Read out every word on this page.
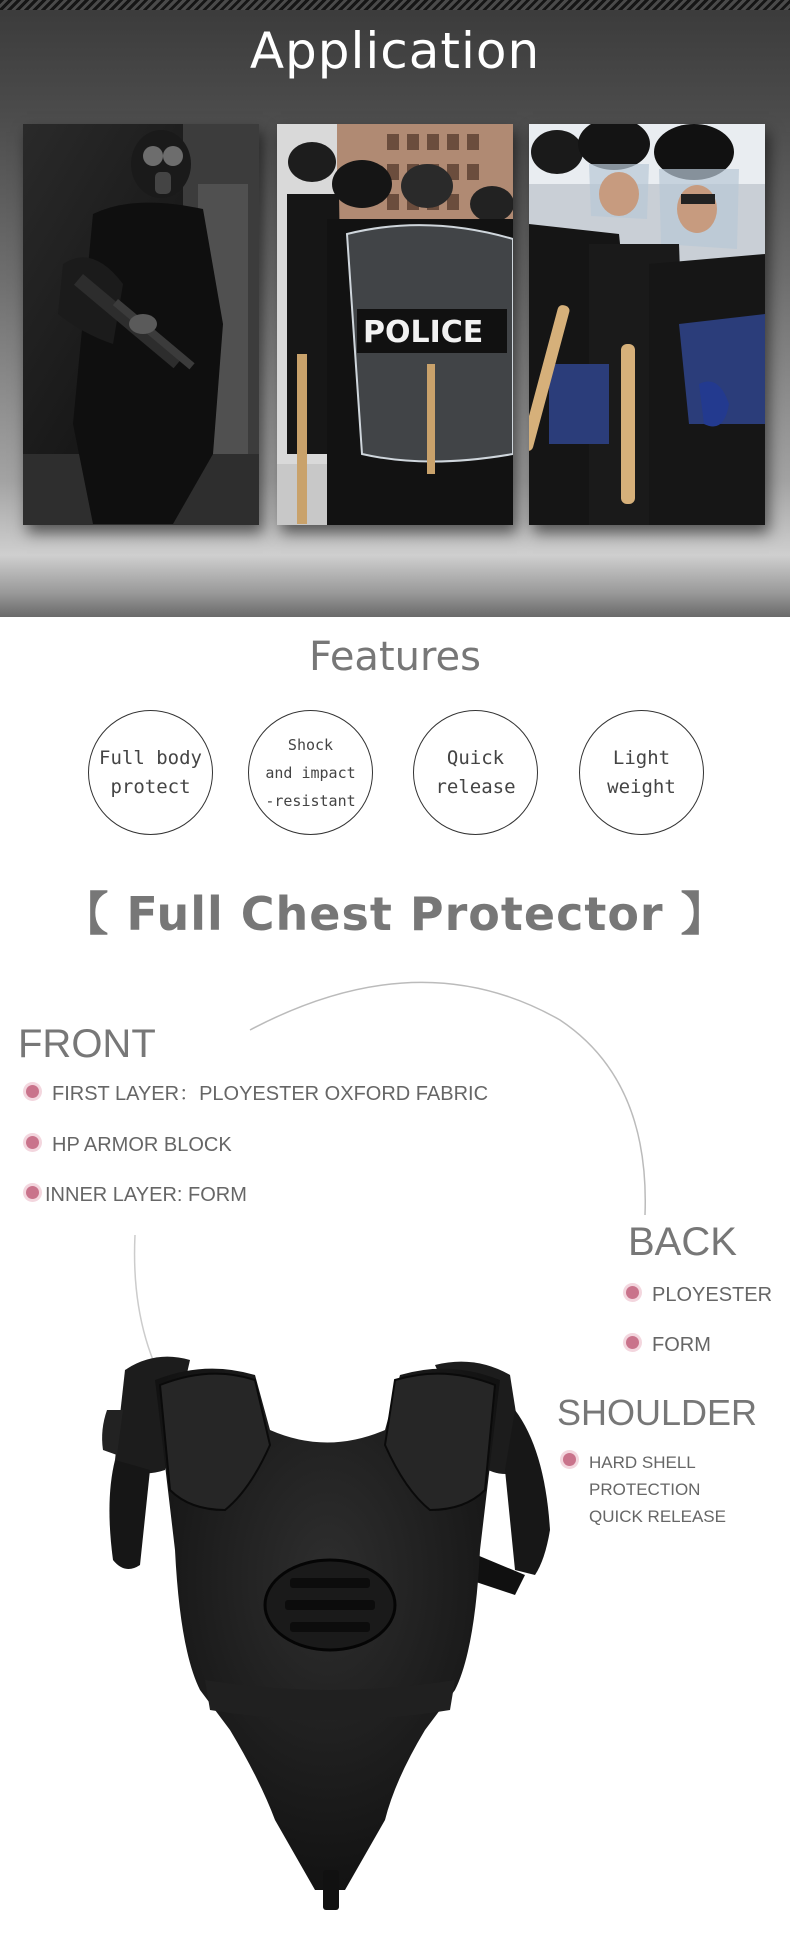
Application
POLICE
Features
Full body
protect
Shock
and impact
-resistant
Quick
release
Light
weight
【 Full Chest Protector 】
FRONT
FIRST LAYER：PLOYESTER OXFORD FABRIC
HP ARMOR BLOCK
INNER LAYER: FORM
BACK
PLOYESTER
FORM
SHOULDER
HARD SHELL PROTECTION
QUICK RELEASE
